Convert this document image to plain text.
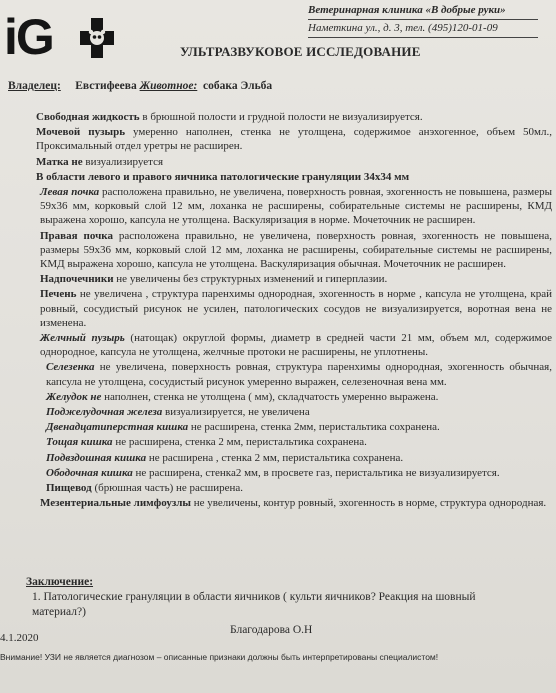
iG	Ветеринарная клиника «В добрые руки»
Наметкина ул., д. 3, тел. (495)120-01-09
УЛЬТРАЗВУКОВОЕ ИССЛЕДОВАНИЕ
Владелец: Евстифеева Животное: собака Эльба

Свободная жидкость в брюшной полости и грудной полости не визуализируется.

Мочевой пузырь умеренно наполнен, стенка не утолщена, содержимое анэхогенное, объем 50мл., Проксимальный отдел уретры не расширен.

Матка не визуализируется

В области левого и правого яичника патологические грануляции 34х34 мм

Левая почка расположена правильно, не увеличена, поверхность ровная, эхогенность не повышена, размеры 59х36 мм, корковый слой 12 мм, лоханка не расширены, собирательные системы не расширены, КМД выражена хорошо, капсула не утолщена. Васкуляризация в норме. Мочеточник не расширен.

Правая почка расположена правильно, не увеличена, поверхность ровная, эхогенность не повышена, размеры 59х36 мм, корковый слой 12 мм, лоханка не расширены, собирательные системы не расширены, КМД выражена хорошо, капсула не утолщена. Васкуляризация обычная. Мочеточник не расширен.

Надпочечники не увеличены без структурных изменений и гиперплазии.

Печень не увеличена , структура паренхимы однородная, эхогенность в норме , капсула не утолщена, край ровный, сосудистый рисунок не усилен, патологических сосудов не визуализируется, воротная вена не изменена.

Желчный пузырь (натощак) округлой формы, диаметр в средней части 21 мм, объем мл, содержимое однородное, капсула не утолщена, желчные протоки не расширены, не уплотнены.

Селезенка не увеличена, поверхность ровная, структура паренхимы однородная, эхогенность обычная, капсула не утолщена, сосудистый рисунок умеренно выражен, селезеночная вена мм.

Желудок не наполнен, стенка не утолщена ( мм), складчатость умеренно выражена.

Поджелудочная железа визуализируется, не увеличена

Двенадцатиперстная кишка не расширена, стенка 2мм, перистальтика сохранена.

Тощая кишка не расширена, стенка 2 мм, перистальтика сохранена.

Подвздошная кишка не расширена , стенка 2 мм, перистальтика сохранена.

Ободочная кишка не расширена, стенка2 мм, в просвете газ, перистальтика не визуализируется.

Пищевод (брюшная часть) не расширена.

Мезентериальные лимфоузлы не увеличены, контур ровный, эхогенность в норме, структура однородная.

Заключение:
1. Патологические грануляции в области яичников ( культи яичников? Реакция на шовный материал?)
4.1.2020
Благодарова О.Н
Внимание! УЗИ не является диагнозом – описанные признаки должны быть интерпретированы специалистом!
